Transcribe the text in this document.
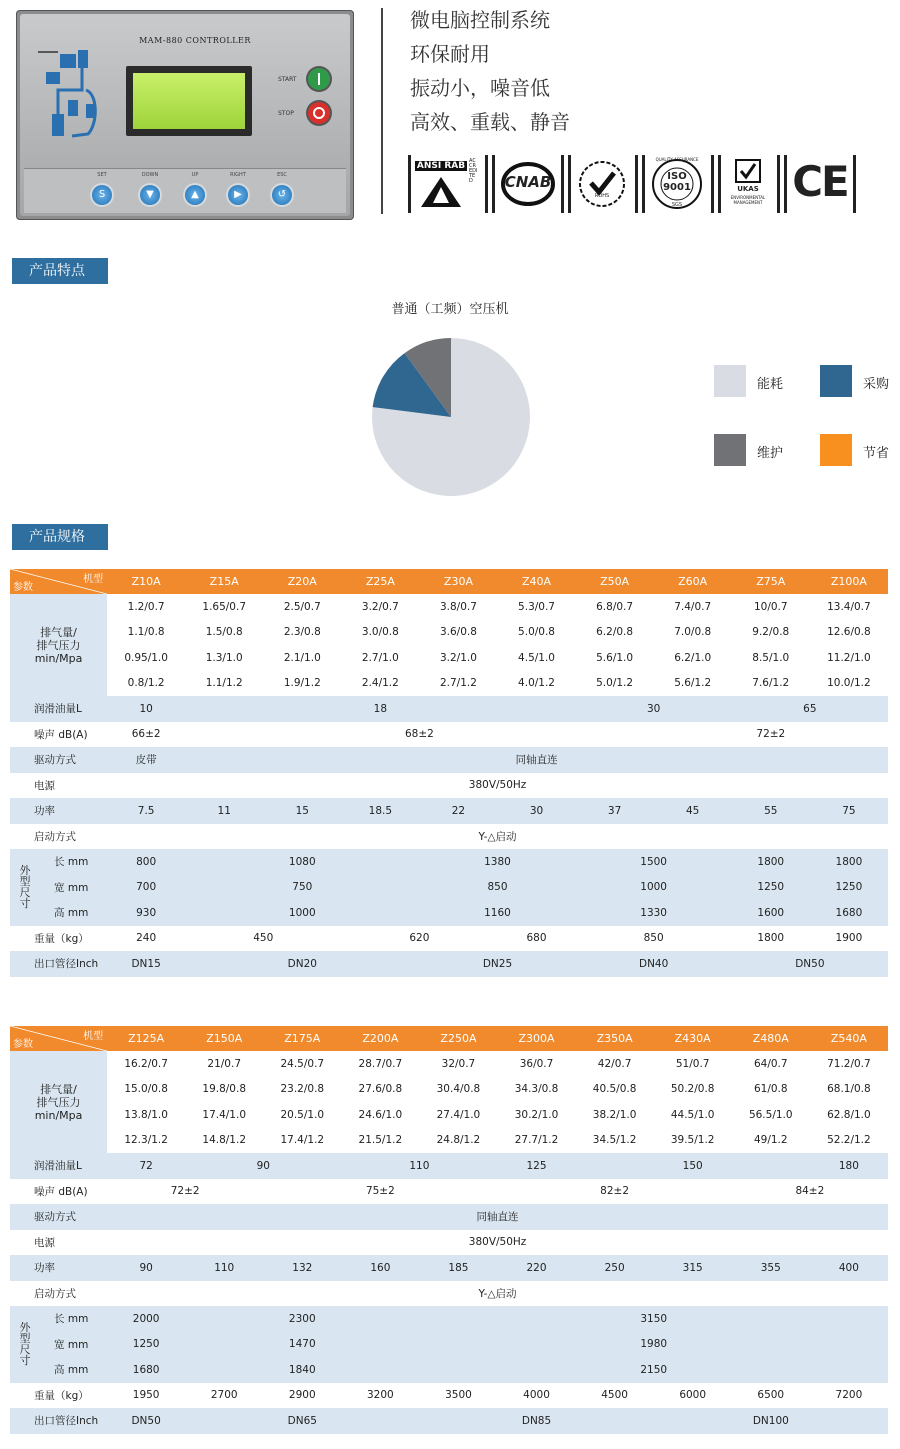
MAM-880 CONTROLLER
START
STOP
SET
S
DOWN
▼
UP
▲
RIGHT
▶
ESC
↺
微电脑控制系统
环保耐用
振动小，噪音低
高效、重载、静音
ANSI RAB
QMS
ACCREDITED	CNAB
ROHS
QUALITY ASSURANCE
ISO
9001
SGS
UKAS
ENVIRONMENTAL MANAGEMENT CE
产品特点
普通（工频）空压机
能耗	采购
维护	节省
产品规格
机型
参数		Z10A	Z15A	Z20A	Z25A	Z30A	Z40A	Z50A	Z60A	Z75A	Z100A
排气量/
排气压力
min/Mpa		1.2/0.7	1.65/0.7	2.5/0.7	3.2/0.7	3.8/0.7	5.3/0.7	6.8/0.7	7.4/0.7	10/0.7	13.4/0.7
		1.1/0.8	1.5/0.8	2.3/0.8	3.0/0.8	3.6/0.8	5.0/0.8	6.2/0.8	7.0/0.8	9.2/0.8	12.6/0.8
		0.95/1.0	1.3/1.0	2.1/1.0	2.7/1.0	3.2/1.0	4.5/1.0	5.6/1.0	6.2/1.0	8.5/1.0	11.2/1.0
		0.8/1.2	1.1/1.2	1.9/1.2	2.4/1.2	2.7/1.2	4.0/1.2	5.0/1.2	5.6/1.2	7.6/1.2	10.0/1.2
润滑油量L		10	18					30		65	
噪声 dB(A)		66±2	68±2						72±2		
驱动方式		皮带	同轴直连								
电源		380V/50Hz									
功率		7.5	11	15	18.5	22	30	37	45	55	75
启动方式		Y-△启动									
外
型
尺
寸	长 mm	800	1080			1380		1500		1800	1800
	宽 mm	700	750			850		1000		1250	1250
	高 mm	930	1000			1160		1330		1600	1680
重量（kg）		240	450		620		680	850		1800	1900
出口管径Inch		DN15	DN20			DN25		DN40		DN50	
机型
参数		Z125A	Z150A	Z175A	Z200A	Z250A	Z300A	Z350A	Z430A	Z480A	Z540A
排气量/
排气压力
min/Mpa		16.2/0.7	21/0.7	24.5/0.7	28.7/0.7	32/0.7	36/0.7	42/0.7	51/0.7	64/0.7	71.2/0.7
		15.0/0.8	19.8/0.8	23.2/0.8	27.6/0.8	30.4/0.8	34.3/0.8	40.5/0.8	50.2/0.8	61/0.8	68.1/0.8
		13.8/1.0	17.4/1.0	20.5/1.0	24.6/1.0	27.4/1.0	30.2/1.0	38.2/1.0	44.5/1.0	56.5/1.0	62.8/1.0
		12.3/1.2	14.8/1.2	17.4/1.2	21.5/1.2	24.8/1.2	27.7/1.2	34.5/1.2	39.5/1.2	49/1.2	52.2/1.2
润滑油量L		72	90		110		125	150			180
噪声 dB(A)		72±2		75±2			82±2			84±2	
驱动方式		同轴直连									
电源		380V/50Hz									
功率		90	110	132	160	185	220	250	315	355	400
启动方式		Y-△启动									
外
型
尺
寸	长 mm	2000	2300			3150					
	宽 mm	1250	1470			1980					
	高 mm	1680	1840			2150					
重量（kg）		1950	2700	2900	3200	3500	4000	4500	6000	6500	7200
出口管径Inch		DN50	DN65			DN85			DN100		
